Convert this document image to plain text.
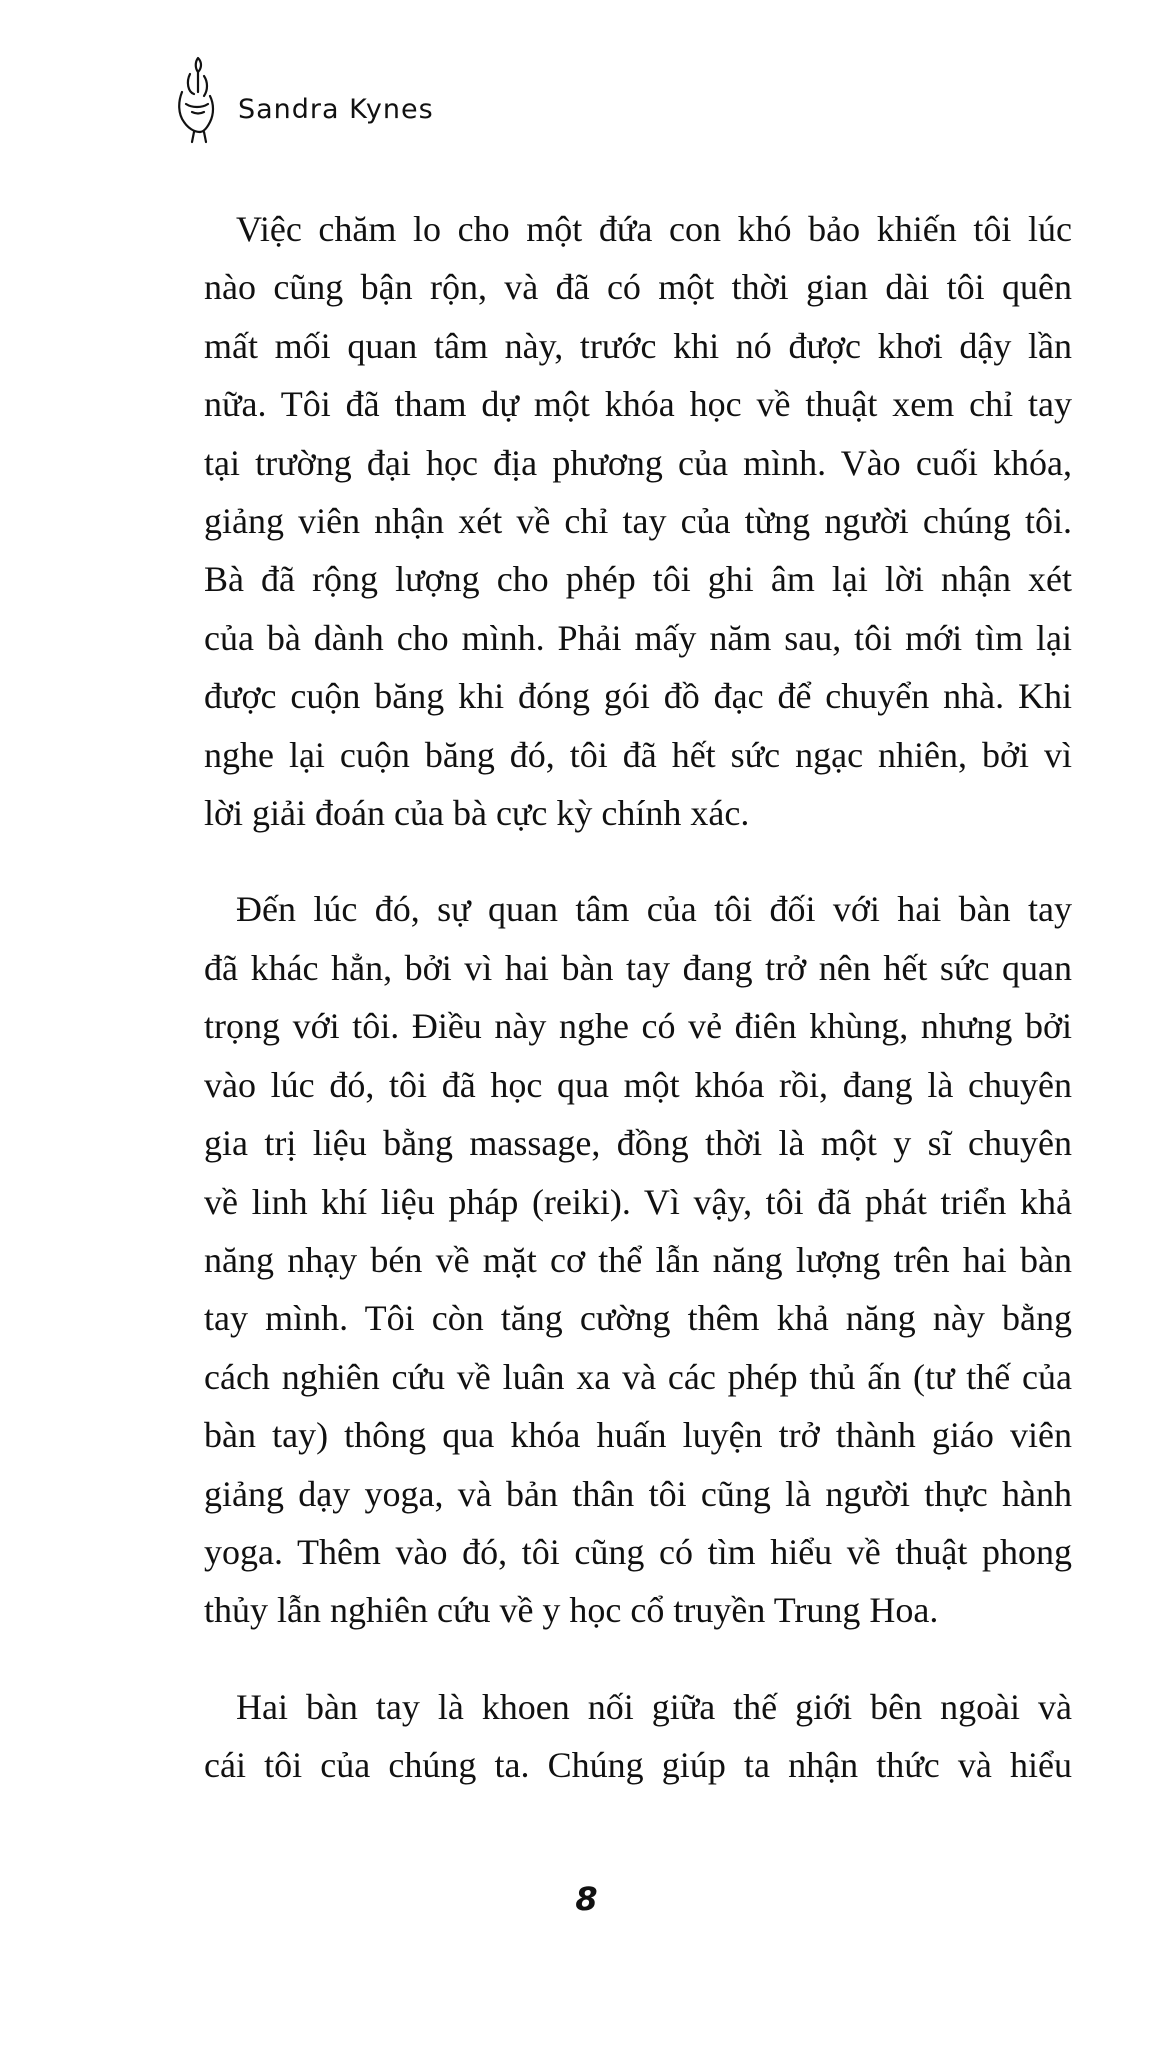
Sandra Kynes

Việc chăm lo cho một đứa con khó bảo khiến tôi lúc
nào cũng bận rộn, và đã có một thời gian dài tôi quên
mất mối quan tâm này, trước khi nó được khơi dậy lần
nữa. Tôi đã tham dự một khóa học về thuật xem chỉ tay
tại trường đại học địa phương của mình. Vào cuối khóa,
giảng viên nhận xét về chỉ tay của từng người chúng tôi.
Bà đã rộng lượng cho phép tôi ghi âm lại lời nhận xét
của bà dành cho mình. Phải mấy năm sau, tôi mới tìm lại
được cuộn băng khi đóng gói đồ đạc để chuyển nhà. Khi
nghe lại cuộn băng đó, tôi đã hết sức ngạc nhiên, bởi vì
lời giải đoán của bà cực kỳ chính xác.

Đến lúc đó, sự quan tâm của tôi đối với hai bàn tay
đã khác hẳn, bởi vì hai bàn tay đang trở nên hết sức quan
trọng với tôi. Điều này nghe có vẻ điên khùng, nhưng bởi
vào lúc đó, tôi đã học qua một khóa rồi, đang là chuyên
gia trị liệu bằng massage, đồng thời là một y sĩ chuyên
về linh khí liệu pháp (reiki). Vì vậy, tôi đã phát triển khả
năng nhạy bén về mặt cơ thể lẫn năng lượng trên hai bàn
tay mình. Tôi còn tăng cường thêm khả năng này bằng
cách nghiên cứu về luân xa và các phép thủ ấn (tư thế của
bàn tay) thông qua khóa huấn luyện trở thành giáo viên
giảng dạy yoga, và bản thân tôi cũng là người thực hành
yoga. Thêm vào đó, tôi cũng có tìm hiểu về thuật phong
thủy lẫn nghiên cứu về y học cổ truyền Trung Hoa.

Hai bàn tay là khoen nối giữa thế giới bên ngoài và
cái tôi của chúng ta. Chúng giúp ta nhận thức và hiểu

8
